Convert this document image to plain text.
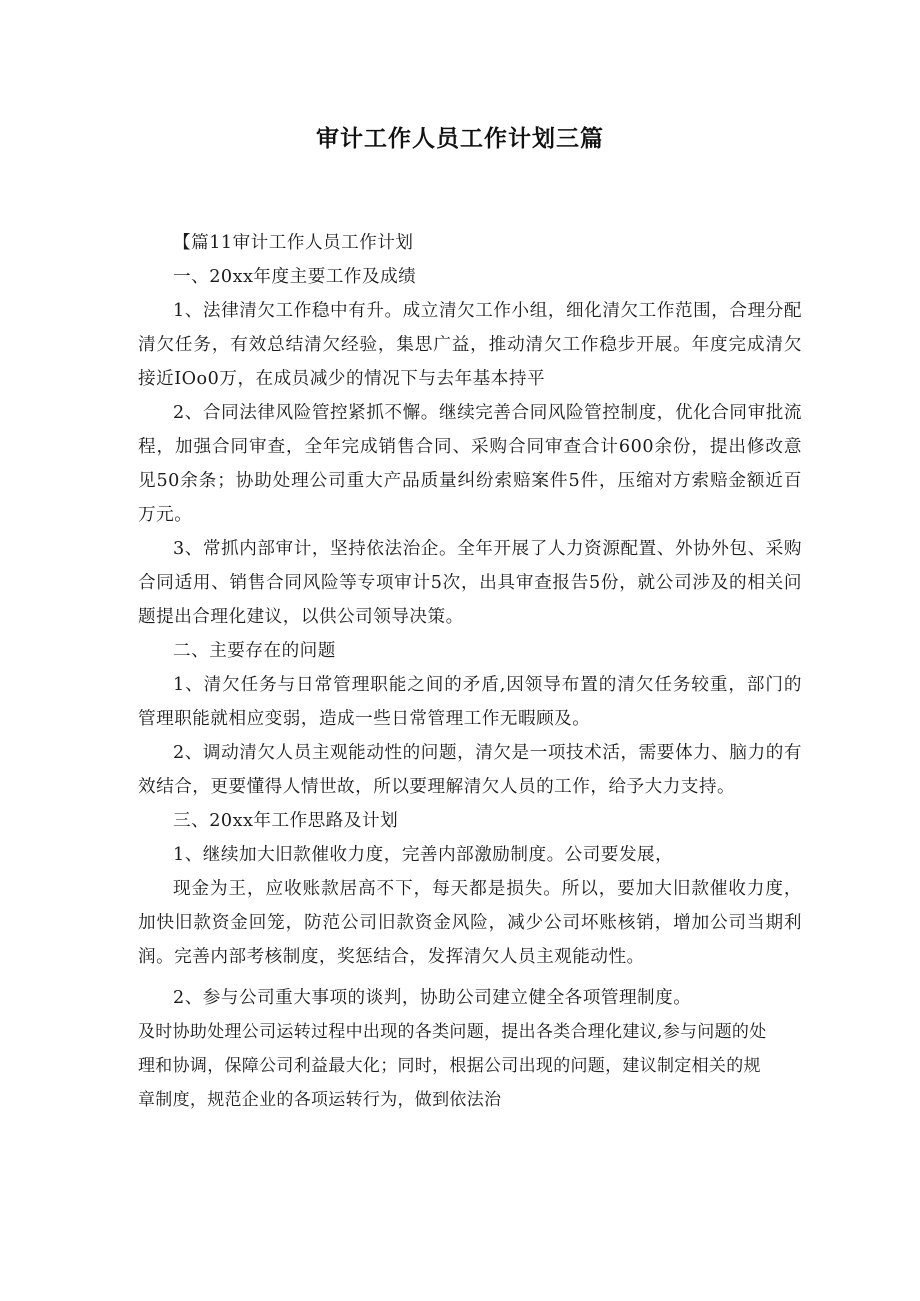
审计工作人员工作计划三篇

【篇11审计工作人员工作计划

一、20xx年度主要工作及成绩

1、法律清欠工作稳中有升。成立清欠工作小组，细化清欠工作范围，合理分配清欠任务，有效总结清欠经验，集思广益，推动清欠工作稳步开展。年度完成清欠接近IOo0万，在成员减少的情况下与去年基本持平

2、合同法律风险管控紧抓不懈。继续完善合同风险管控制度，优化合同审批流程，加强合同审查，全年完成销售合同、采购合同审查合计600余份，提出修改意见50余条；协助处理公司重大产品质量纠纷索赔案件5件，压缩对方索赔金额近百万元。

3、常抓内部审计，坚持依法治企。全年开展了人力资源配置、外协外包、采购合同适用、销售合同风险等专项审计5次，出具审查报告5份，就公司涉及的相关问题提出合理化建议，以供公司领导决策。

二、主要存在的问题

1、清欠任务与日常管理职能之间的矛盾,因领导布置的清欠任务较重，部门的管理职能就相应变弱，造成一些日常管理工作无暇顾及。

2、调动清欠人员主观能动性的问题，清欠是一项技术活，需要体力、脑力的有效结合，更要懂得人情世故，所以要理解清欠人员的工作，给予大力支持。

三、20xx年工作思路及计划

1、继续加大旧款催收力度，完善内部激励制度。公司要发展，

现金为王，应收账款居高不下，每天都是损失。所以，要加大旧款催收力度，加快旧款资金回笼，防范公司旧款资金风险，减少公司坏账核销，增加公司当期利润。完善内部考核制度，奖惩结合，发挥清欠人员主观能动性。

2、参与公司重大事项的谈判，协助公司建立健全各项管理制度。

及时协助处理公司运转过程中出现的各类问题，提出各类合理化建议,参与问题的处理和协调，保障公司利益最大化；同时，根据公司出现的问题，建议制定相关的规章制度，规范企业的各项运转行为，做到依法治
